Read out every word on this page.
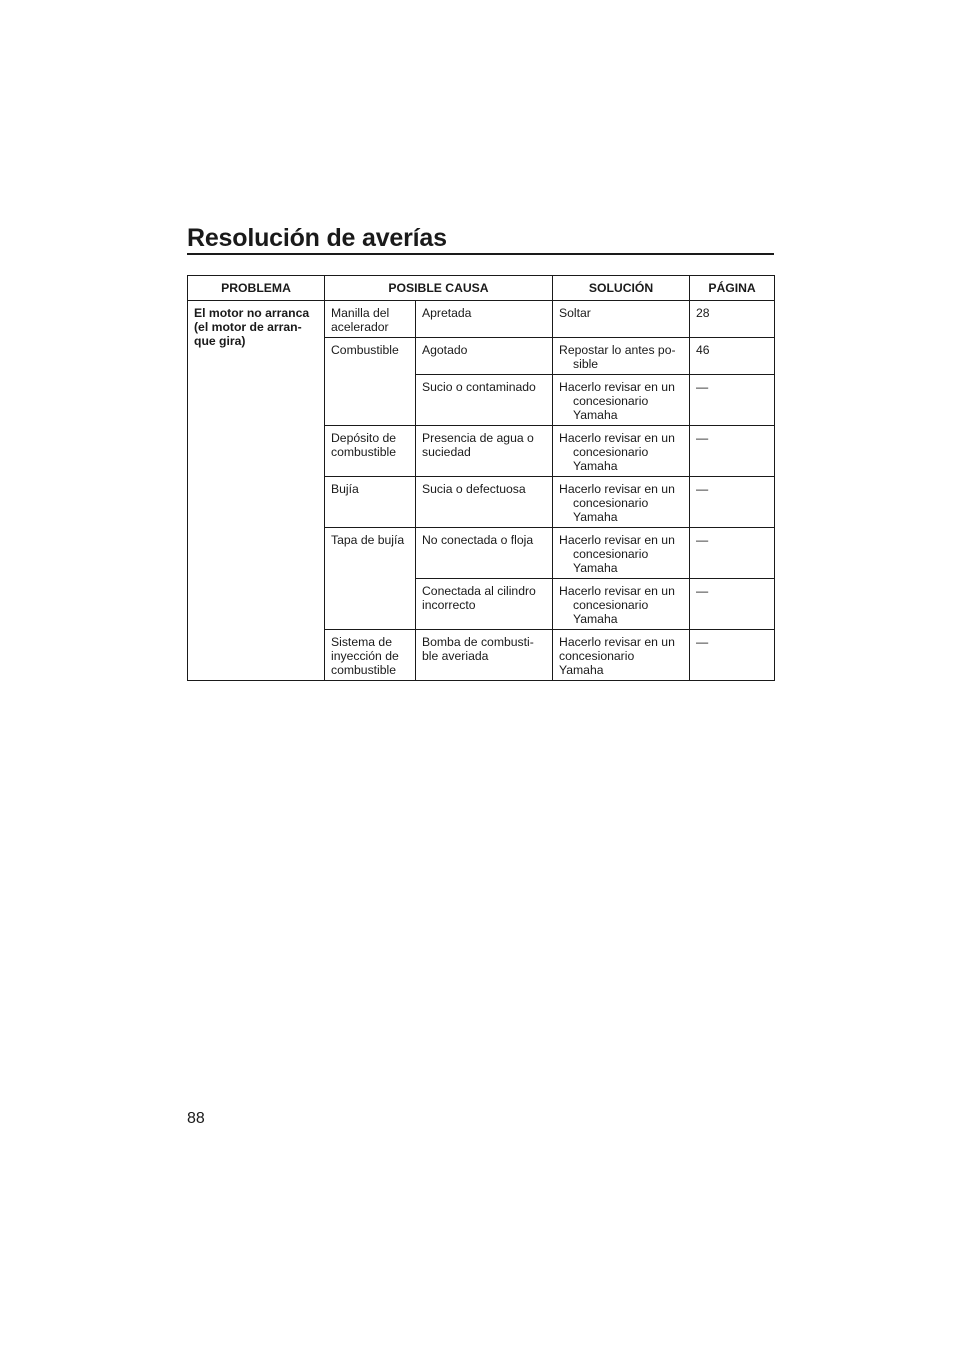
Resolución de averías
PROBLEMA	POSIBLE CAUSA		SOLUCIÓN	PÁGINA

El motor no arranca
(el motor de arran-
que gira)	Manilla del
acelerador	Apretada	Soltar	28

	Combustible	Agotado	Repostar lo antes po-
sible	46

		Sucio o contaminado	Hacerlo revisar en un
concesionario
Yamaha	—

	Depósito de
combustible	Presencia de agua o
suciedad	Hacerlo revisar en un
concesionario
Yamaha	—

	Bujía	Sucia o defectuosa	Hacerlo revisar en un
concesionario
Yamaha	—

	Tapa de bujía	No conectada o floja	Hacerlo revisar en un
concesionario
Yamaha	—

		Conectada al cilindro
incorrecto	Hacerlo revisar en un
concesionario
Yamaha	—

	Sistema de
inyección de
combustible	Bomba de combusti-
ble averiada	Hacerlo revisar en un
concesionario
Yamaha	—
88
